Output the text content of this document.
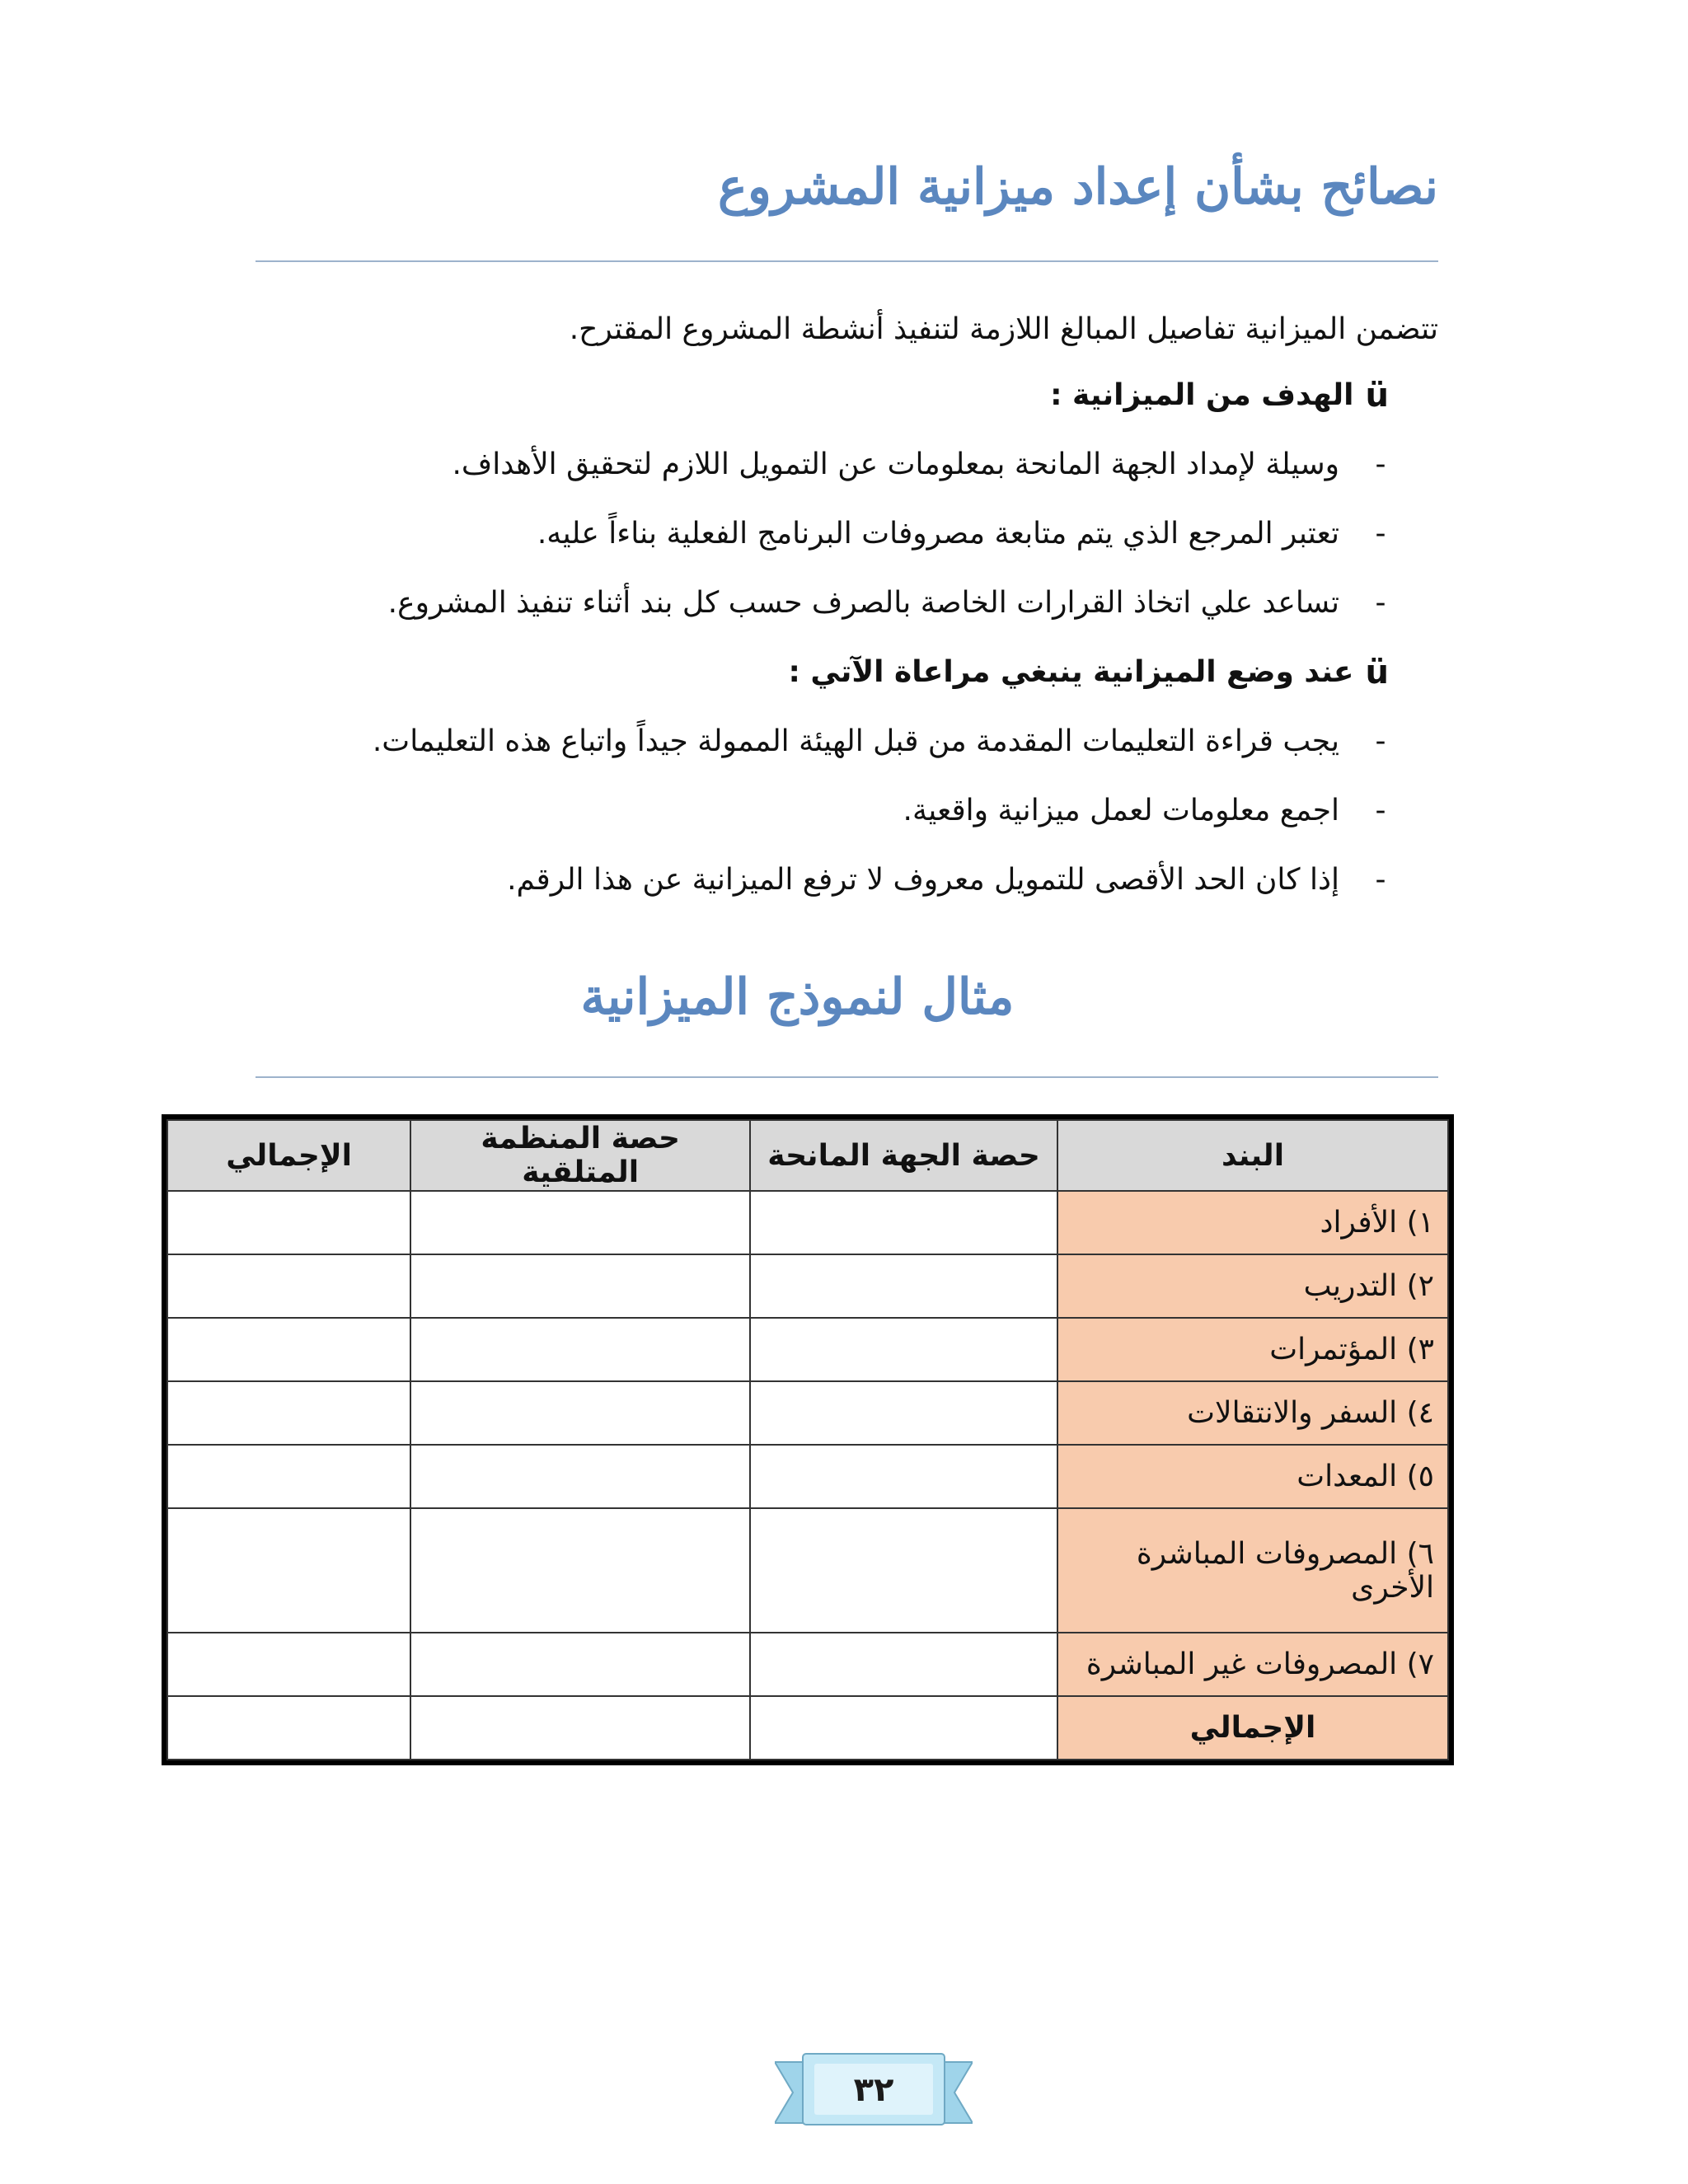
نصائح بشأن إعداد ميزانية المشروع

تتضمن الميزانية تفاصيل المبالغ اللازمة لتنفيذ أنشطة المشروع المقترح.

ü
الهدف من الميزانية :
-
وسيلة لإمداد الجهة المانحة بمعلومات عن التمويل اللازم لتحقيق الأهداف.
-
تعتبر المرجع الذي يتم متابعة مصروفات البرنامج الفعلية بناءاً عليه.
-
تساعد علي اتخاذ القرارات الخاصة بالصرف حسب كل بند أثناء تنفيذ المشروع.
ü
عند وضع الميزانية ينبغي مراعاة الآتي :
-
يجب قراءة التعليمات المقدمة من قبل الهيئة الممولة جيداً واتباع هذه التعليمات.
-
اجمع معلومات لعمل ميزانية واقعية.
-
إذا كان الحد الأقصى للتمويل معروف لا ترفع الميزانية عن هذا الرقم.
مثال لنموذج الميزانية
البند	حصة الجهة المانحة	حصة المنظمة المتلقية	الإجمالي
١) الأفراد			
٢) التدريب			
٣) المؤتمرات			
٤) السفر والانتقالات			
٥) المعدات			
٦) المصروفات المباشرة الأخرى			
٧) المصروفات غير المباشرة			
الإجمالي			
٣٢
